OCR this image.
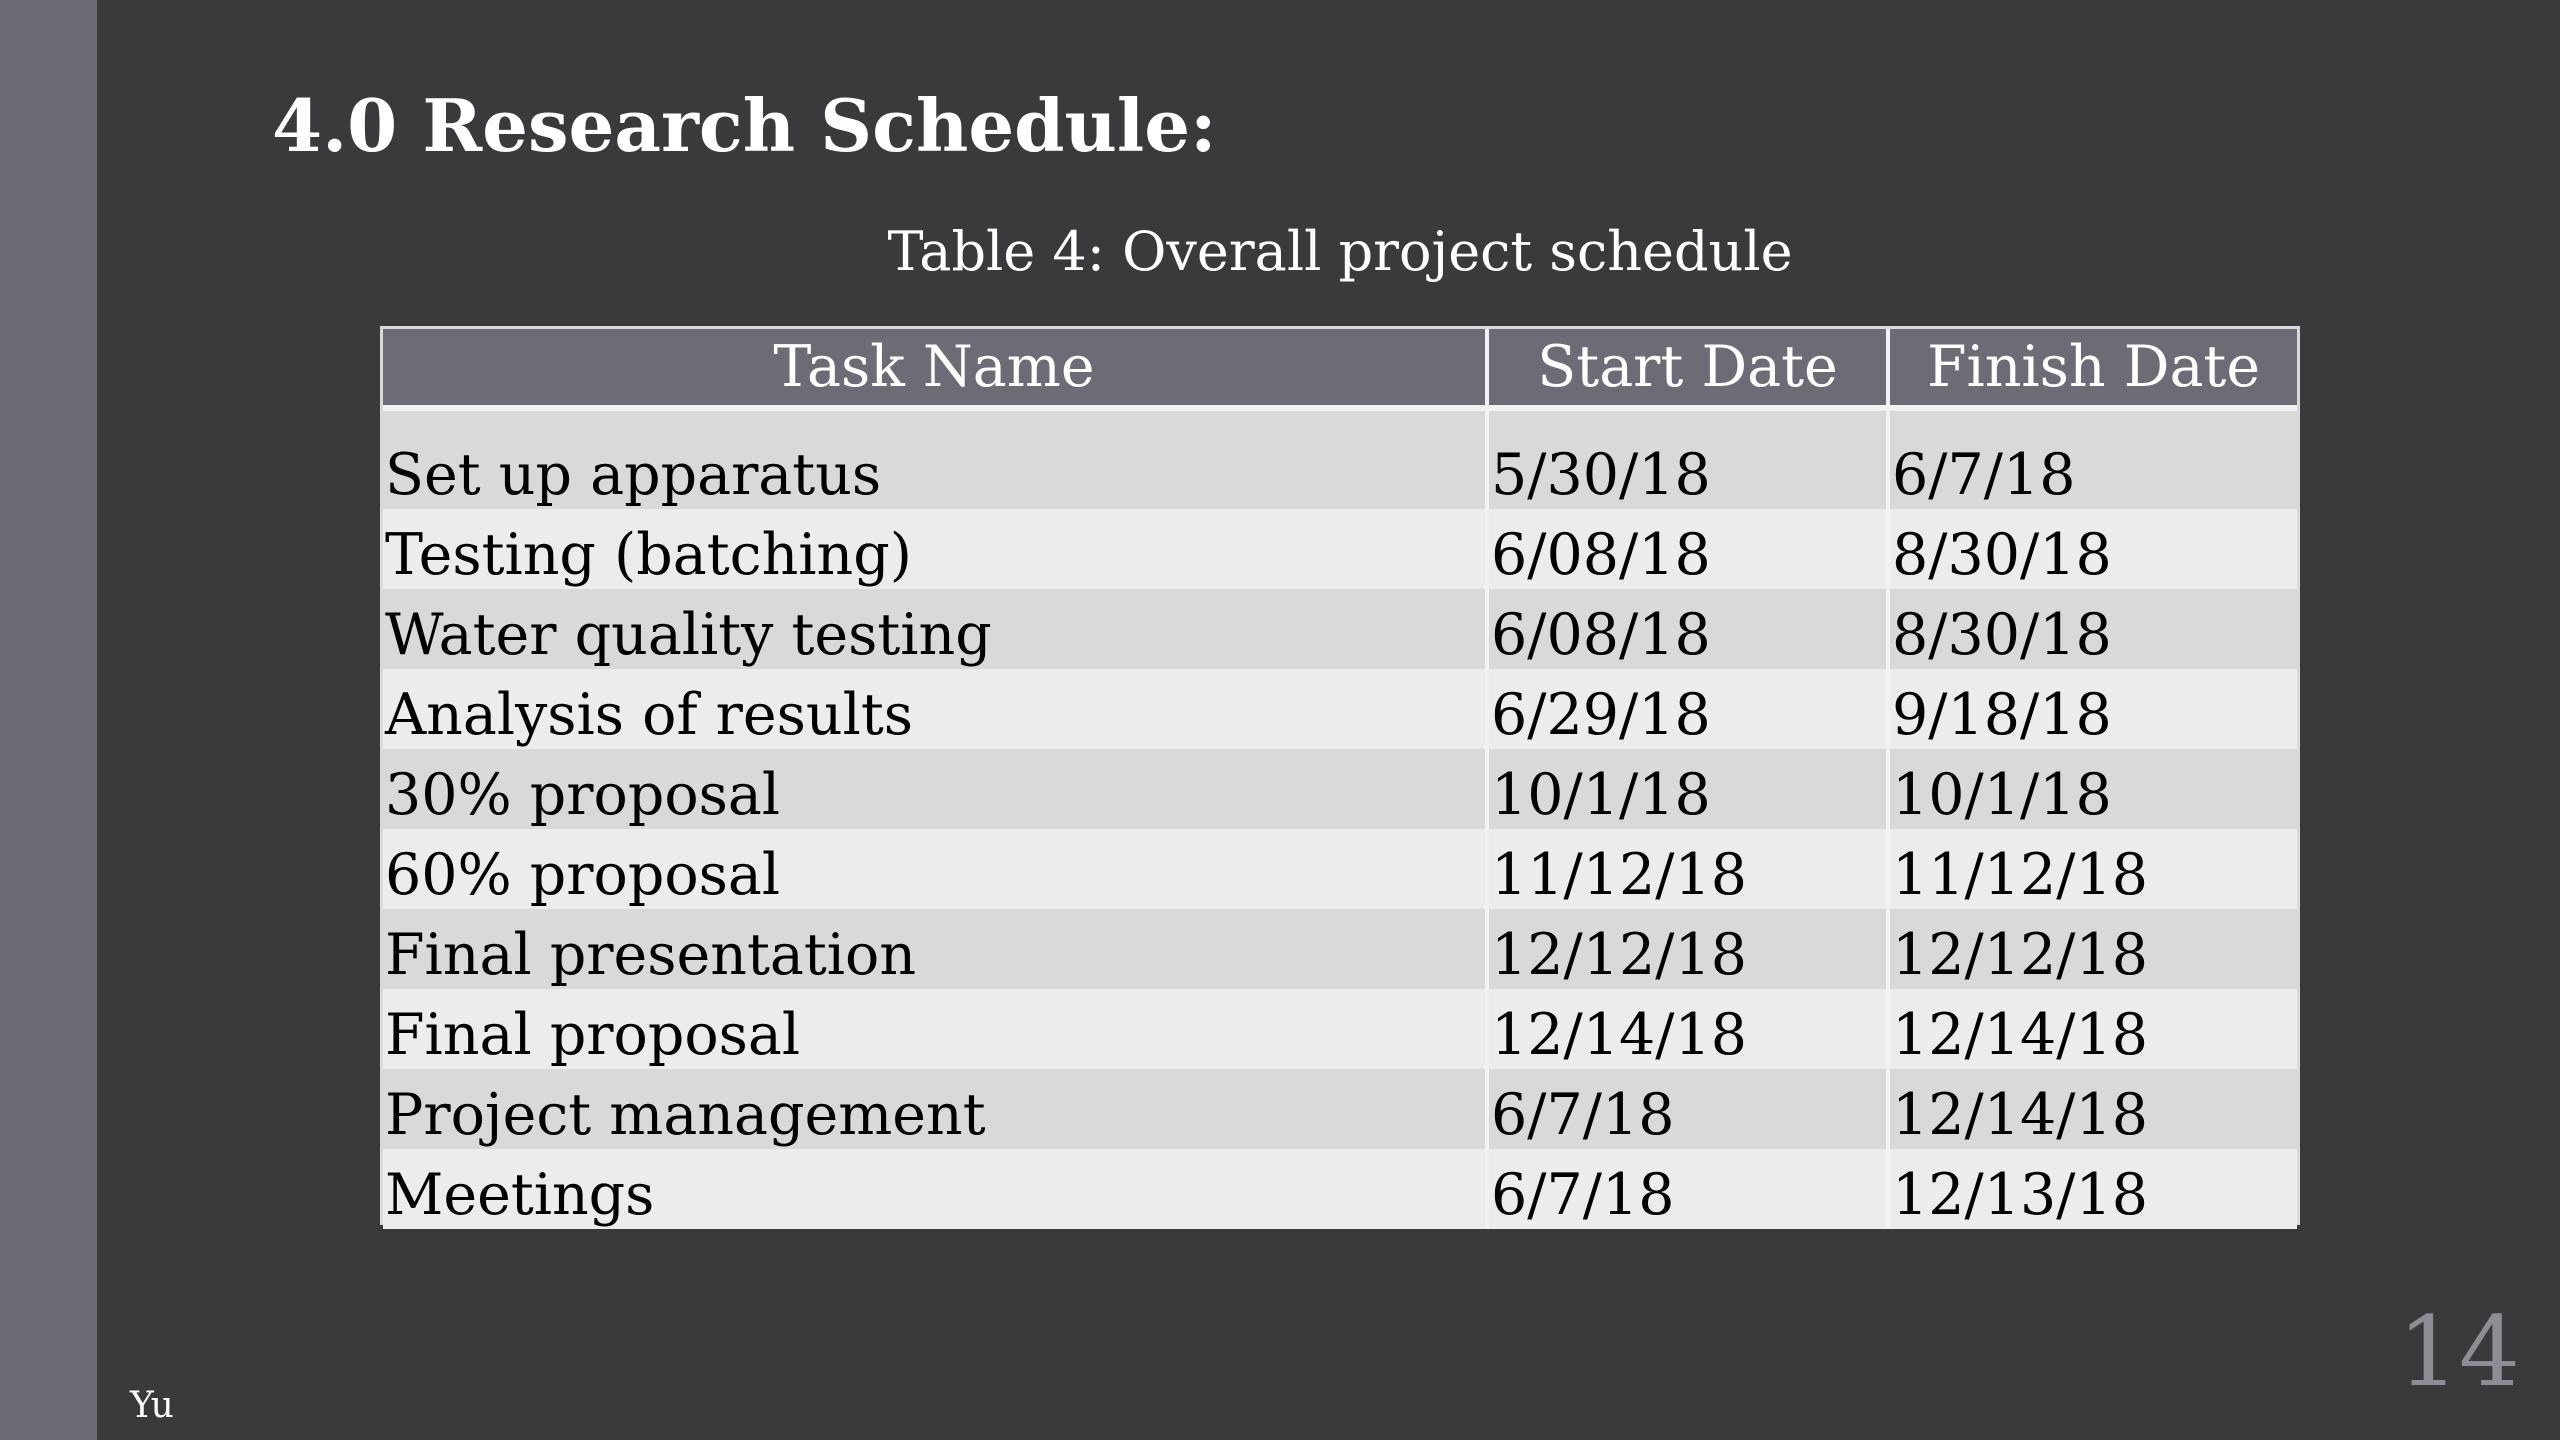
4.0 Research Schedule:
Table 4: Overall project schedule
Task Name	Start Date	Finish Date
Set up apparatus	5/30/18	6/7/18
Testing (batching)	6/08/18	8/30/18
Water quality testing	6/08/18	8/30/18
Analysis of results	6/29/18	9/18/18
30% proposal	10/1/18	10/1/18
60% proposal	11/12/18	11/12/18
Final presentation	12/12/18	12/12/18
Final proposal	12/14/18	12/14/18
Project management	6/7/18	12/14/18
Meetings	6/7/18	12/13/18
Yu	14
